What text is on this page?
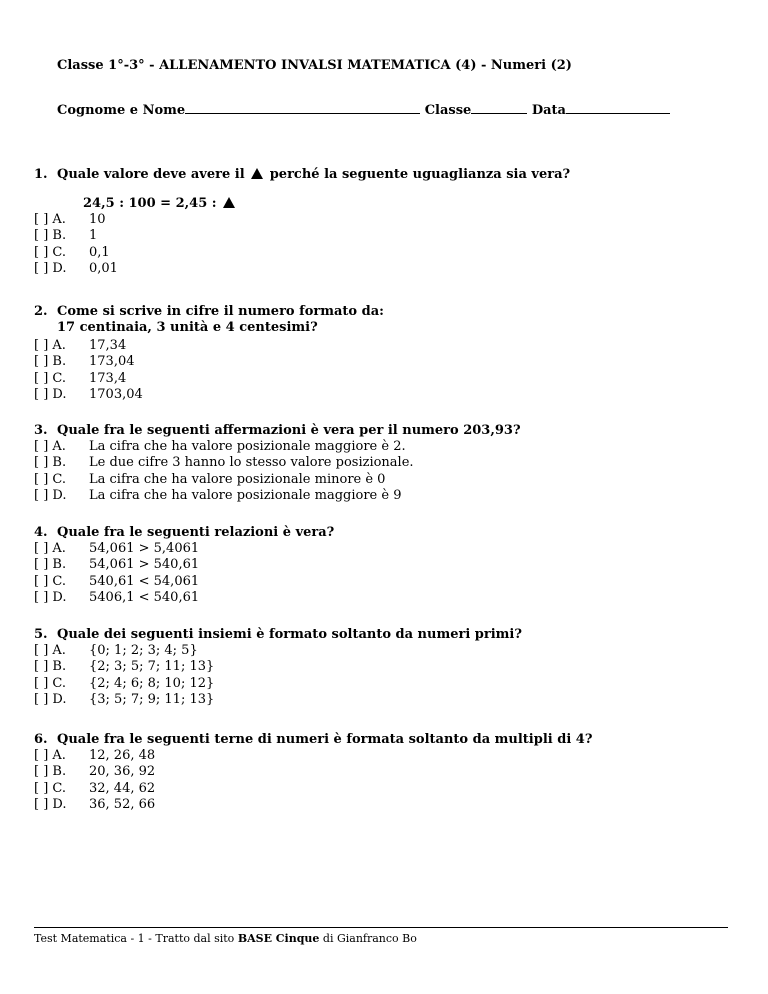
Classe 1°-3° - ALLENAMENTO INVALSI MATEMATICA (4) - Numeri (2)
Cognome e Nome	Classe	Data
1. Quale valore deve avere il perché la seguente uguaglianza sia vera?
24,5 : 100 = 2,45 :
[ ] A.	10
[ ] B.	1
[ ] C.	0,1
[ ] D.	0,01
2. Come si scrive in cifre il numero formato da:
17 centinaia, 3 unità e 4 centesimi?
[ ] A.	17,34
[ ] B.	173,04
[ ] C.	173,4
[ ] D.	1703,04
3. Quale fra le seguenti affermazioni è vera per il numero 203,93?
[ ] A.	La cifra che ha valore posizionale maggiore è 2.
[ ] B.	Le due cifre 3 hanno lo stesso valore posizionale.
[ ] C.	La cifra che ha valore posizionale minore è 0
[ ] D.	La cifra che ha valore posizionale maggiore è 9
4. Quale fra le seguenti relazioni è vera?
[ ] A.	54,061 > 5,4061
[ ] B.	54,061 > 540,61
[ ] C.	540,61 < 54,061
[ ] D.	5406,1 < 540,61
5. Quale dei seguenti insiemi è formato soltanto da numeri primi?
[ ] A.	{0; 1; 2; 3; 4; 5}
[ ] B.	{2; 3; 5; 7; 11; 13}
[ ] C.	{2; 4; 6; 8; 10; 12}
[ ] D.	{3; 5; 7; 9; 11; 13}
6. Quale fra le seguenti terne di numeri è formata soltanto da multipli di 4?
[ ] A.	12, 26, 48
[ ] B.	20, 36, 92
[ ] C.	32, 44, 62
[ ] D.	36, 52, 66
Test Matematica - 1 - Tratto dal sito BASE Cinque di Gianfranco Bo
